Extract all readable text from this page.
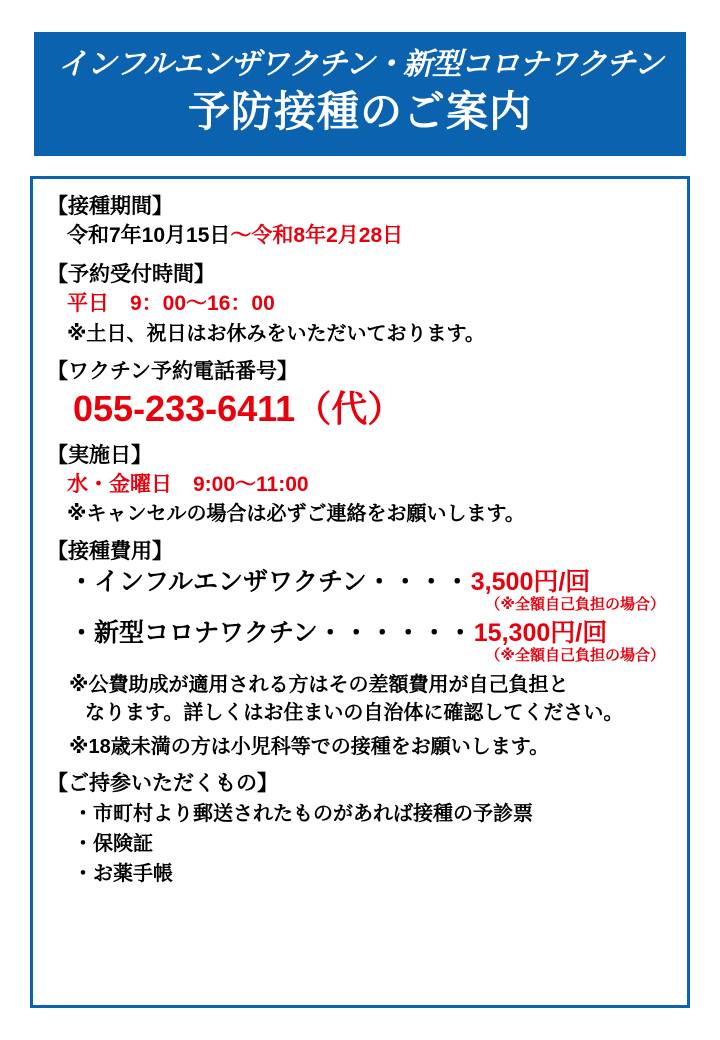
インフルエンザワクチン・新型コロナワクチン
予防接種のご案内
【接種期間】
令和7年10月15日〜令和8年2月28日
【予約受付時間】
平日　9：00〜16：00
※土日、祝日はお休みをいただいております。
【ワクチン予約電話番号】
055-233-6411（代）
【実施日】
水・金曜日　9:00〜11:00
※キャンセルの場合は必ずご連絡をお願いします。
【接種費用】
・インフルエンザワクチン ・・・・ 3,500円/回
（※全額自己負担の場合）
・新型コロナワクチン ・・・・・・ 15,300円/回
（※全額自己負担の場合）
※公費助成が適用される方はその差額費用が自己負担と
なります。詳しくはお住まいの自治体に確認してください。
※18歳未満の方は小児科等での接種をお願いします。
【ご持参いただくもの】
・市町村より郵送されたものがあれば接種の予診票
・保険証
・お薬手帳
